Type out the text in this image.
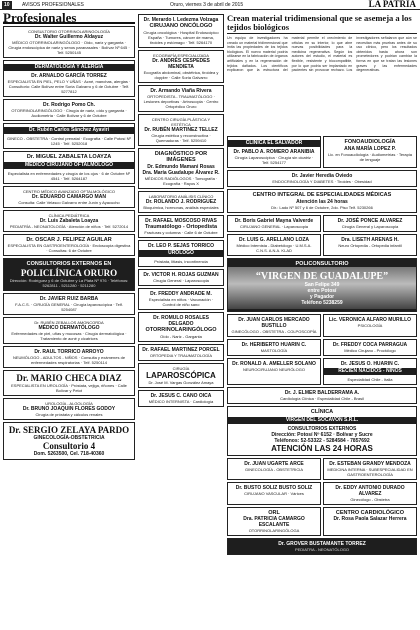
10	AVISOS PROFESIONALES	Oruro, viernes 3 de abril de 2015	LA PATRIA
Profesionales
CONSULTORIO OTORRINOLARINGOLOGÍA
Dr. Walter Guillermo Aldayuz
MÉDICO OTORRINOLARINGÓLOGO · Oído, nariz y garganta · Cirugía endoscópica de nariz y senos paranasales · Bolívar Nº 645 · Telf. 5250145
DERMATOLOGÍA Y ALERGIA
Dr. ARNALDO GARCÍA TORREZ
ESPECIALISTA EN PIEL, PELO Y UÑAS · Acné, manchas, alergias · Consultorio: Calle Bolívar entre Soria Galvarro y 6 de Octubre · Telf. 5277812
Dr. Rodrigo Pomo Ch.
OTORRINOLARINGÓLOGO · Cirugía de nariz, oído y garganta · Audiometría · Calle Bolívar y 6 de Octubre
Dr. Rubén Carlos Sánchez Ayaviri
GINECO - OBSTETRA · Control prenatal · Ecografía · Calle Potosí Nº 1245 · Telf. 5252018
Dr. MIGUEL ZABALETA LOAYZA
MÉDICO CIRUJANO OFTALMÓLOGO
Especialista en enfermedades y cirugía de los ojos · 6 de Octubre Nº 4541 · Telf. 5264187
CENTRO MÉDICO AVANZADO OFTALMOLÓGICO
Dr. EDUARDO CAMARGO MAN
Consulta: Calle Velasco Galvarro entre Junín y Ayacucho
CLÍNICA PEDIÁTRICA
Dr. Luis Zabaleta Loayza
PEDIATRÍA - NEONATOLOGÍA · Atención de niños · Telf. 5272014
Dr. OSCAR J. FELIPEZ AGUILAR
ESPECIALISTA EN GASTROENTEROLOGÍA · Endoscopia digestiva · Consultas: 6 de Octubre
CONSULTORIOS EXTERNOS EN
POLICLÍNICA ORURO
Dirección: Rodríguez y 6 de Octubre y La Plata Nº 976 · Teléfonos: 5262811 - 5211280 · 5211280
Dr. JAVIER RUIZ BARBA
F.A.C.S. · CIRUGÍA GENERAL · Cirugía laparoscópica · Telf. 5254087
Dr. RUBÉN ZEBALLOS AMONCORDA
MÉDICO DERMATÓLOGO
Enfermedades de piel, uñas y mucosas · Cirugía dermatológica · Tratamiento de acné y cicatrices
Dr. RAUL TORRICO ARROYO
NEUMÓLOGO - ADULTOS - NIÑOS · Consulta y exámenes de enfermedades respiratorias · Telf. 5250114
Dr. MARIO CHECA DIAZ
ESPECIALISTA EN UROLOGÍA · Próstata, vejiga, riñones · Calle Bolívar y Petot
UROLOGÍA - ALGOLOGÍA
Dr. BRUNO JOAQUIN FLORES GODOY
Cirugía de próstata y cálculos renales
Dr. SERGIO ZELAYA PARDO
GINECOLOGÍA-OBSTETRICIA
Consultorio 4
Dom. 5263500, Cel. 718-40360
Dr. Merardo I. Ledezma Volzaga
CIRUJANO ONCÓLOGO
Cirugía oncológica · Hospital Endoscópico España · Tumores, cáncer de mama, tiroides y estómago · Telf. 5264170
ECOGRAFÍA ESPECIALIZADA
Dr. ANDRÉS CESPEDES MENDIETA
Ecografía abdominal, obstétrica, tiroidea y doppler · Calle Soria Galvarro
Dr. Armando Viaña Rivera
ORTOPEDISTA - TRAUMATÓLOGO · Lesiones deportivas · Artroscopia · Centro Ortopédico Oruro
CENTRO CIRUGÍA PLÁSTICA Y ESTÉTICA
Dr. RUBÉN MARTINEZ TELLEZ
Cirugía estética y reconstructiva · Quemaduras · Telf. 5259410
DIAGNÓSTICO POR IMÁGENES
Dr. Edmundo Mamani Rosas
Dra. María Guadalupe Álvarez R.
MÉDICOS RADIÓLOGOS · Tomografía · Ecografía · Rayos X
LABORATORIO ANÁLISIS CLÍNICO
Dr. ROLANDO J. RODRIGUEZ
Bioquímica, hormonas, análisis especiales
Dr. RAFAEL MOSCOSO RIVAS
Traumatólogo - Ortopedista
Fracturas y columna · Calle 6 de Octubre
Dr. LEO P. SEJAS TORRICO
UROLOGO
Próstata, litiasis, incontinencia
Dr. VICTOR H. ROJAS GUZMAN
Cirugía General · Laparoscopia
Dr. FREDDY ANDRADE M.
Especialista en niños · Vacunación · Control de niño sano
Dr. ROMULO ROSALES DELGADO
OTORRINOLARINGÓLOGO
Oído - Nariz - Garganta
Dr. RAFAEL MARTINEZ PORCEL
ORTOPEDIA Y TRAUMATOLOGÍA
CIRUGÍA
LAPAROSCÓPICA
Dr. José M. Vargas González Amaya
Dr. JESUS C. CANO OICA
MÉDICO INTERNISTA · Cardiología
Crean material tridimensional que se asemeja a los tejidos biológicos
Un equipo de investigadores ha creado un material tridimensional que imita las propiedades de los tejidos biológicos. El nuevo material podría utilizarse en la fabricación de órganos artificiales y en la regeneración de tejidos dañados. Los científicos explicaron que la estructura del material permite el crecimiento de células en su interior, lo que abre nuevas posibilidades para la medicina regenerativa. Según los autores del estudio, el material es flexible, resistente y biocompatible, por lo que podría ser implantado en pacientes sin provocar rechazo. Los investigadores señalaron que aún se necesitan más pruebas antes de su uso clínico, pero los resultados obtenidos hasta ahora son prometedores y podrían cambiar la forma en que se tratan las lesiones graves y las enfermedades degenerativas.
CLÍNICA EL SALVADOR
Dr. PABLO A. ROMERO ARANIBIA
Cirugía Laparoscópica · Cirugía sin cicatriz · Telf. 5254177
FONOAUDIOLOGÍA
ANA MARÍA LOPEZ P.
Lic. en Fonoaudiología · Audiometrías · Terapia de lenguaje
Dr. Javier Heredia Oviedo
ENDOCRINOLOGÍA Y DIABETES · Tiroides · Obesidad
CENTRO INTEGRAL DE ESPECIALIDADES MÉDICAS
Atención las 24 horas
Dir.: Lado Nº 507 y 6 de Octubre, 2do. Piso Telf. 5230266
Dr. Boris Gabriel Mayna Valverde
CIRUJANO GENERAL · Laparoscopia
Dr. JOSÉ PONCE ALVAREZ
Cirugía General y Laparoscopia
Dr. LUIS G. ARELLANO LOZA
Médico Internista - Diabetólogo · U.M.S.A. C.N.S. A.N.A. KLAD
Dra. LISETH ARENAS H.
Neuro Ortopedia - Ortopedia infantil
POLICONSULTORIO
“VIRGEN DE GUADALUPE”
San Felipe 349
entre Potosí
y Pagador
Teléfono 5238259
Dr. JUAN CARLOS MERCADO BUSTILLO
GINECÓLOGO - OBSTETRA - COLPOSCOPÍA
Lic. VERONICA ALFARO MURILLO
PSICOLOGÍA
Dr. HERIBERTO HUARIN C.
MASTOLOGÍA
Dr. FREDDY COCA PARRAGUA
Médico Cirujano - Proctólogo
Dr. RONALD A. AMELLER SOLANO
NEUROCIRUJANO NEURÓLOGO
Dr. JESUS O. HUARIN C.
RECIÉN NACIDOS - NIÑOS
Especialidad Chile - Italia
Dr. J. ELMER BALDERRAMA A.
Cardiología Clínica · Especialidad Chile - Brasil
CLÍNICA
VIRGEN DEL SOCAVÓN S.R.L.
CONSULTORIOS EXTERNOS
Dirección: Potosí Nº 6152 · Bolívar y Sucre
Teléfonos: 52-53322 - 5284584 - 7857692
ATENCIÓN LAS 24 HORAS
Dr. JUAN UGARTE ARCE
GINECOLOGÍA - OBSTETRICIA
Dr. ESTEBAN GRANDY MENDOZA
MEDICINA INTERNA · SUBESPECIALIDAD EN GASTROENTEROLOGÍA
Dr. BUSTO SOLIZ BUSTO SOLIZ
CIRUJANO VASCULAR · Várices
Dr. EDDY ANTONIO DURADO ALVAREZ
Ginecólogo - Obstetra
ORL
Dra. PATRICIA CAMARGO ESCALANTE
OTORRINOLARINGÓLOGA
CENTRO CARDIOLÓGICO
Dr. Rosa Paola Salazar Herrera
Dr. GROVER BUSTAMANTE TORREZ
PEDIATRA - NEONATÓLOGO
